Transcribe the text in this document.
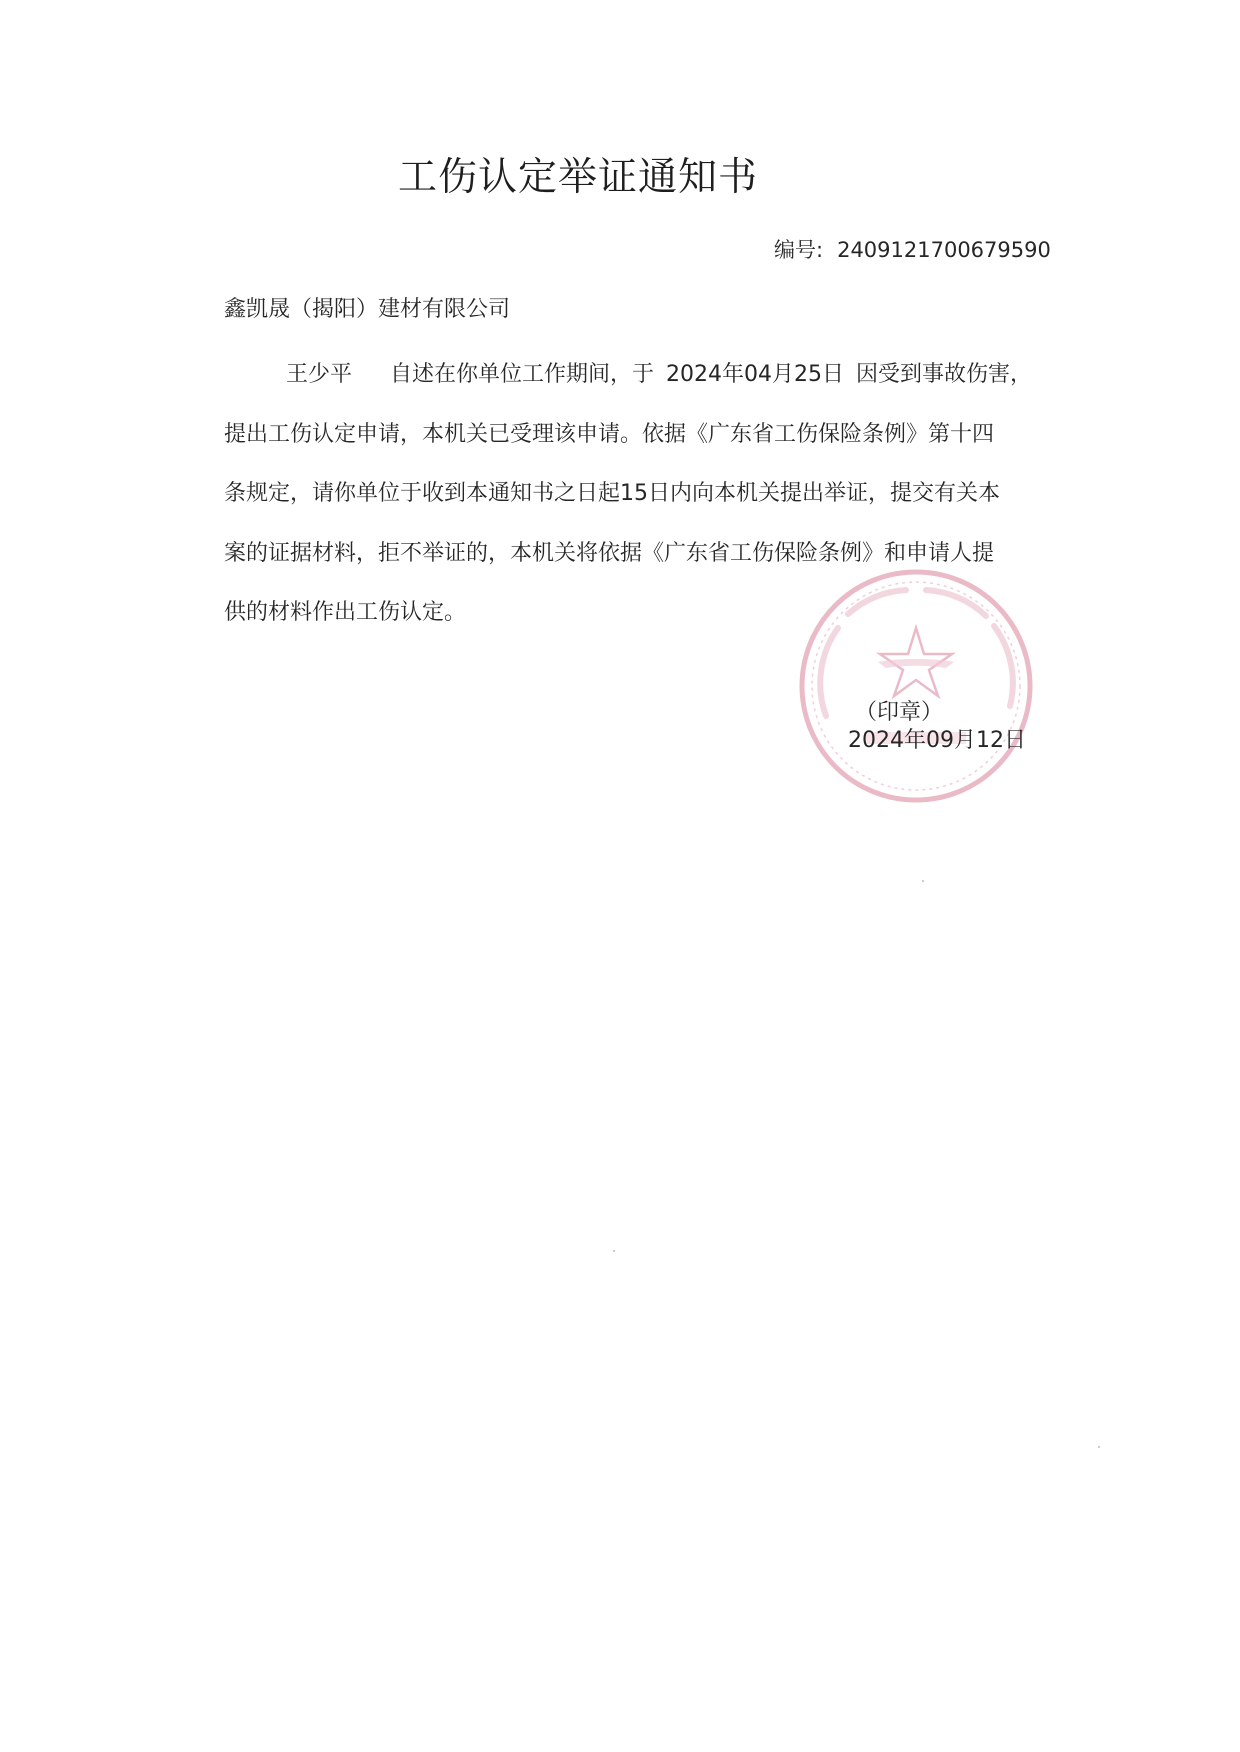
工伤认定举证通知书
编号: 2409121700679590
鑫凯晟（揭阳）建材有限公司
王少平 自述在你单位工作期间，于 2024年04月25日 因受到事故伤害，
提出工伤认定申请，本机关已受理该申请。依据《广东省工伤保险条例》第十四
条规定，请你单位于收到本通知书之日起15日内向本机关提出举证，提交有关本
案的证据材料，拒不举证的，本机关将依据《广东省工伤保险条例》和申请人提
供的材料作出工伤认定。
（印章）
2024年09月12日
